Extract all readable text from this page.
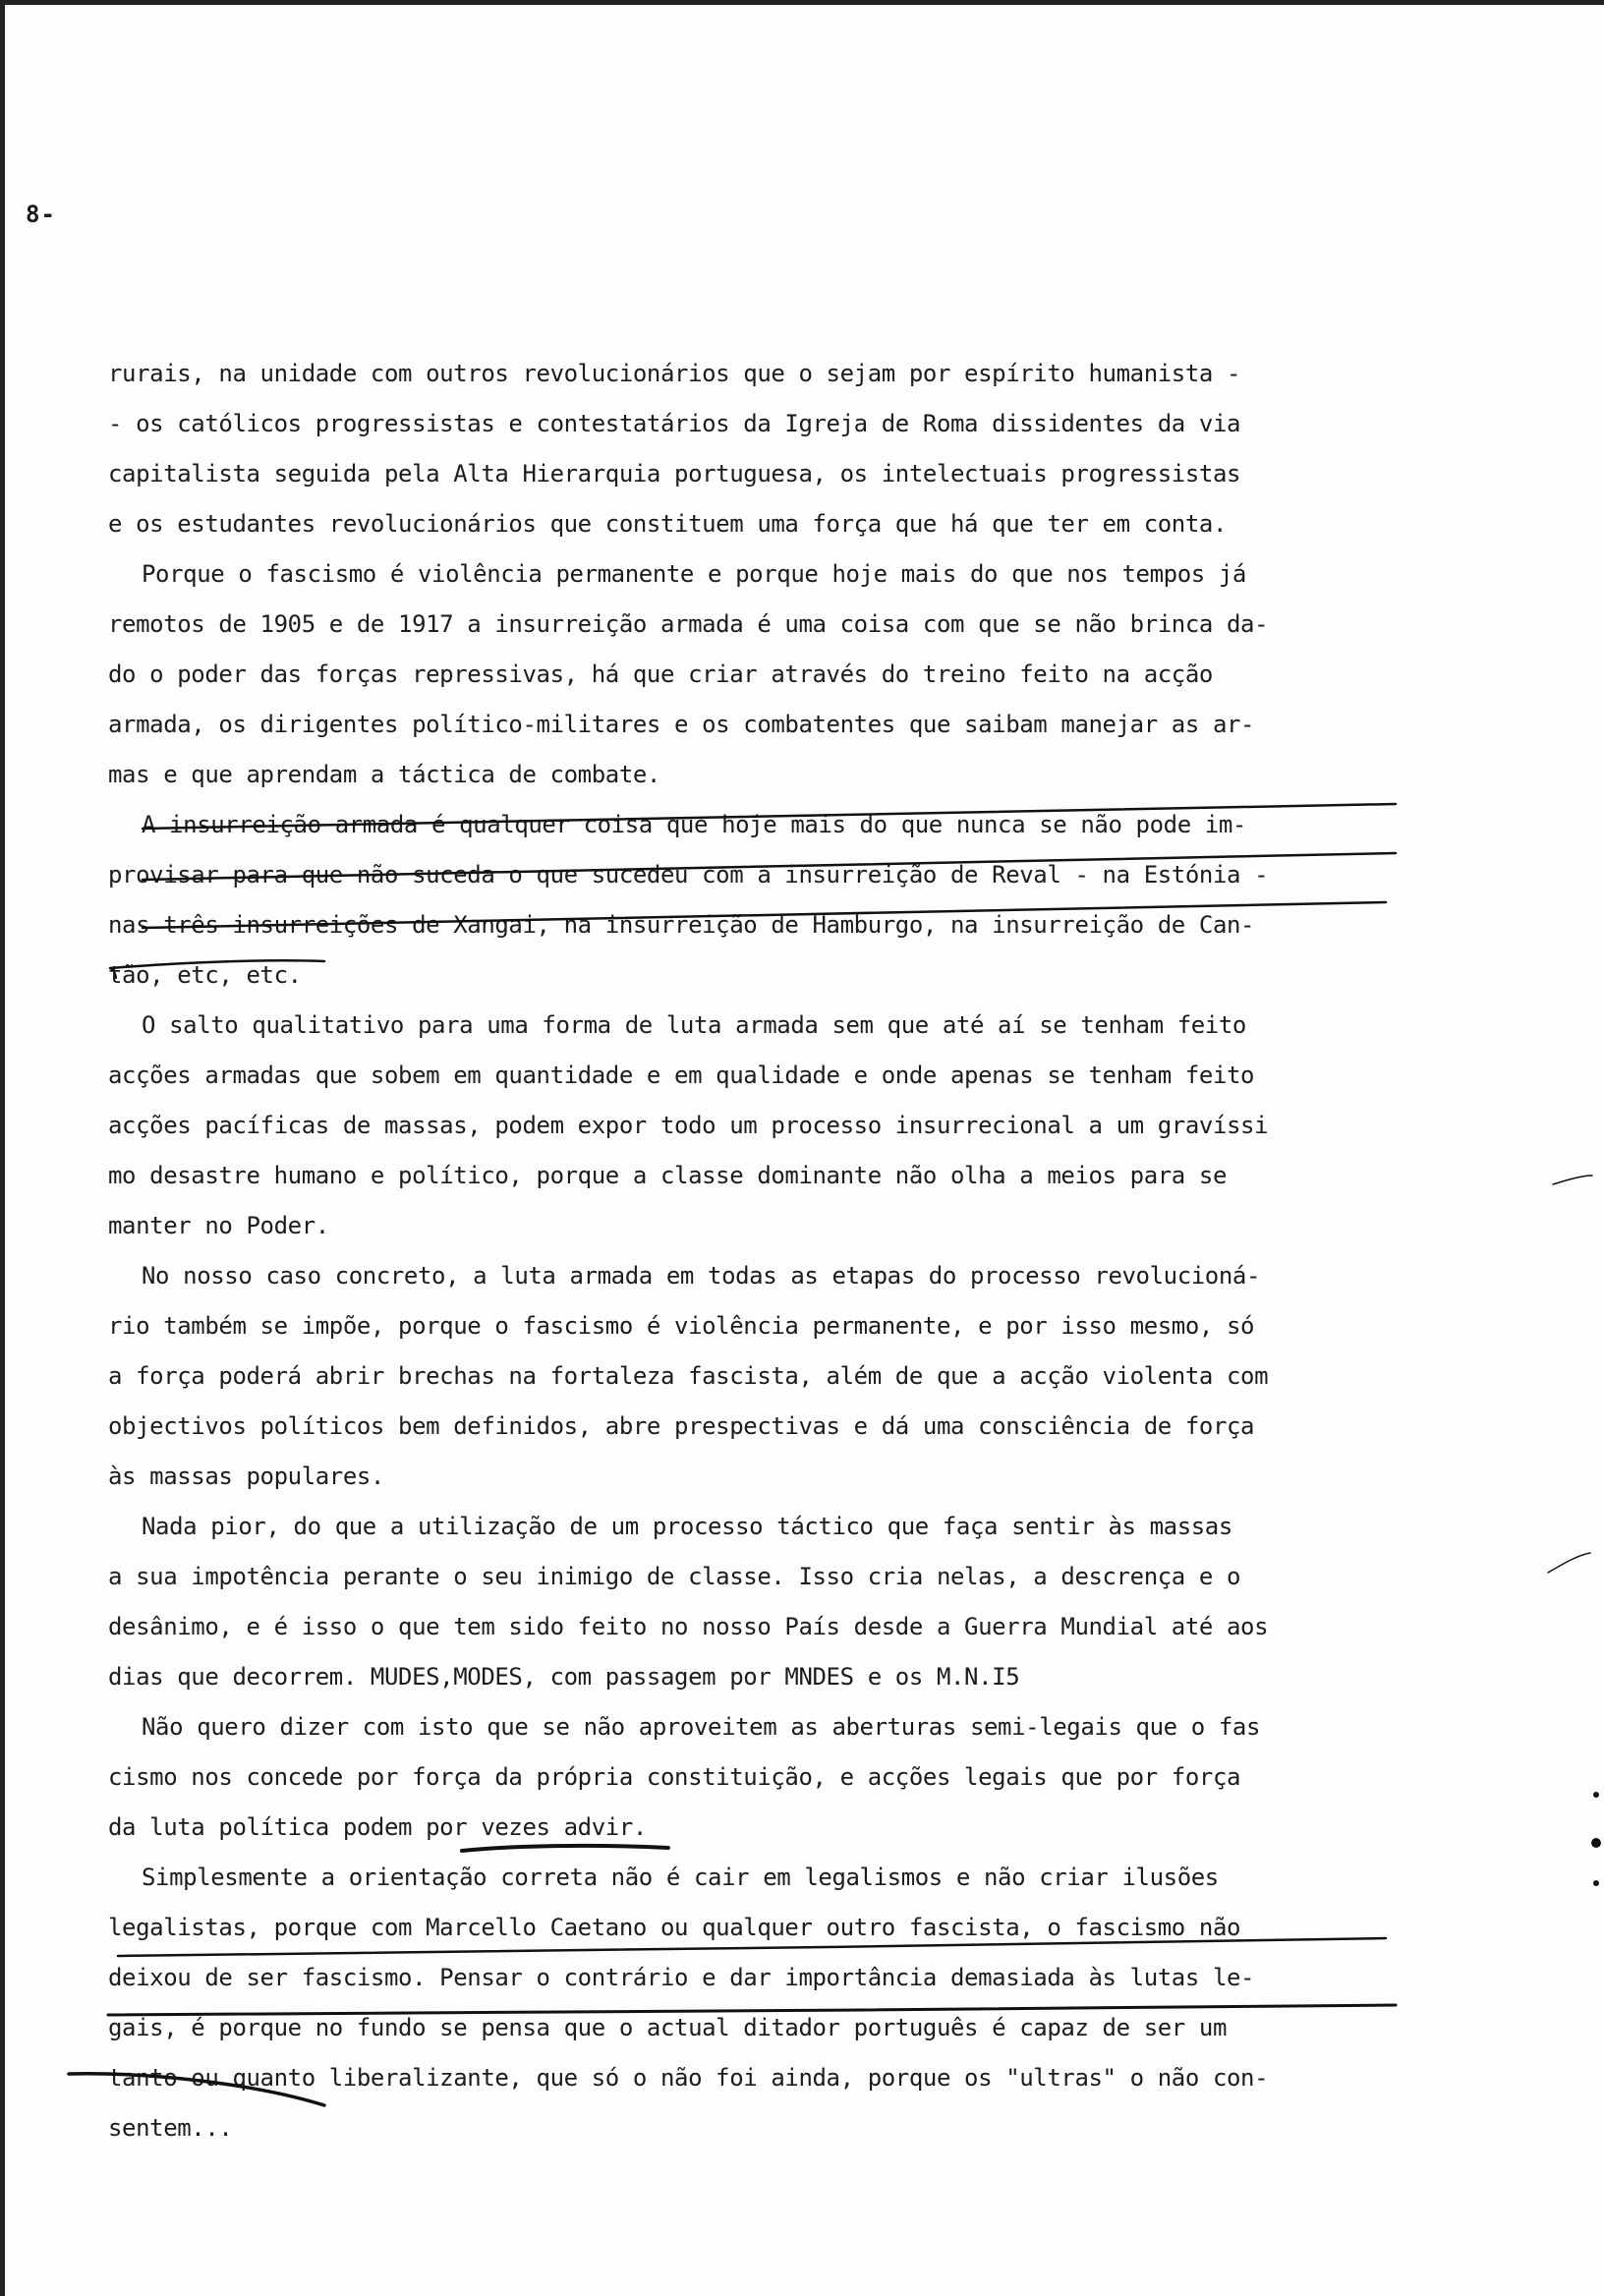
8-
rurais, na unidade com outros revolucionários que o sejam por espírito humanista -
- os católicos progressistas e contestatários da Igreja de Roma dissidentes da via
capitalista seguida pela Alta Hierarquia portuguesa, os intelectuais progressistas
e os estudantes revolucionários que constituem uma força que há que ter em conta.
Porque o fascismo é violência permanente e porque hoje mais do que nos tempos já
remotos de 1905 e de 1917 a insurreição armada é uma coisa com que se não brinca da-
do o poder das forças repressivas, há que criar através do treino feito na acção
armada, os dirigentes político-militares e os combatentes que saibam manejar as ar-
mas e que aprendam a táctica de combate.
A insurreição armada é qualquer coisa que hoje mais do que nunca se não pode im-
provisar para que não suceda o que sucedeu com a insurreição de Reval - na Estónia -
nas três insurreições de Xangai, na insurreição de Hamburgo, na insurreição de Can-
tão, etc, etc.
O salto qualitativo para uma forma de luta armada sem que até aí se tenham feito
acções armadas que sobem em quantidade e em qualidade e onde apenas se tenham feito
acções pacíficas de massas, podem expor todo um processo insurrecional a um gravíssi
mo desastre humano e político, porque a classe dominante não olha a meios para se
manter no Poder.
No nosso caso concreto, a luta armada em todas as etapas do processo revolucioná-
rio também se impõe, porque o fascismo é violência permanente, e por isso mesmo, só
a força poderá abrir brechas na fortaleza fascista, além de que a acção violenta com
objectivos políticos bem definidos, abre prespectivas e dá uma consciência de força
às massas populares.
Nada pior, do que a utilização de um processo táctico que faça sentir às massas
a sua impotência perante o seu inimigo de classe. Isso cria nelas, a descrença e o
desânimo, e é isso o que tem sido feito no nosso País desde a Guerra Mundial até aos
dias que decorrem. MUDES,MODES, com passagem por MNDES e os M.N.I5
Não quero dizer com isto que se não aproveitem as aberturas semi-legais que o fas
cismo nos concede por força da própria constituição, e acções legais que por força
da luta política podem por vezes advir.
Simplesmente a orientação correta não é cair em legalismos e não criar ilusões
legalistas, porque com Marcello Caetano ou qualquer outro fascista, o fascismo não
deixou de ser fascismo. Pensar o contrário e dar importância demasiada às lutas le-
gais, é porque no fundo se pensa que o actual ditador português é capaz de ser um
tanto ou quanto liberalizante, que só o não foi ainda, porque os "ultras" o não con-
sentem...
